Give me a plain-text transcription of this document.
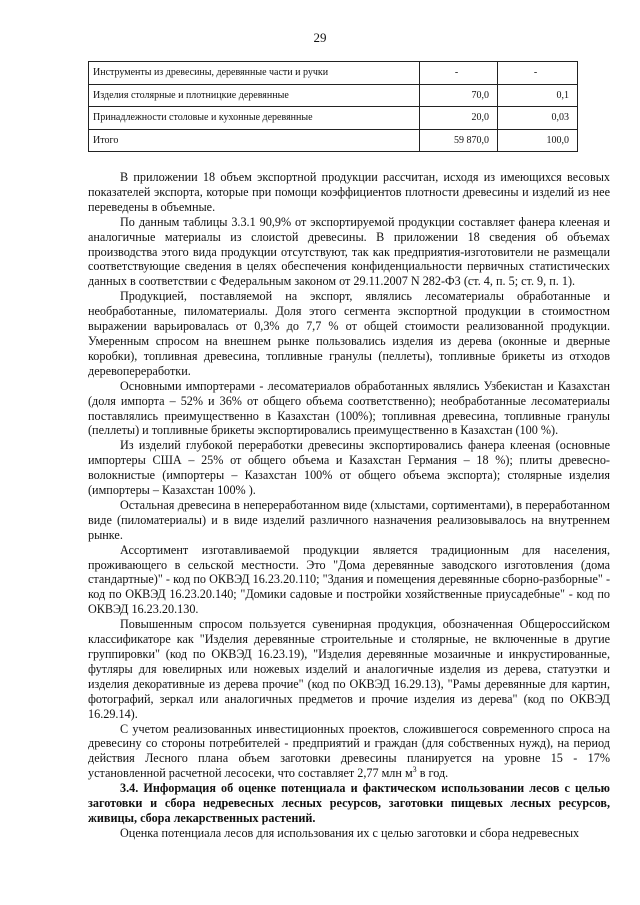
29
Инструменты из древесины, деревянные части и ручки	-	-
Изделия столярные и плотницкие деревянные	70,0	0,1
Принадлежности столовые и кухонные деревянные	20,0	0,03
Итого	59 870,0	100,0

В приложении 18 объем экспортной продукции рассчитан, исходя из имеющихся весовых показателей экспорта, которые при помощи коэффициентов плотности древесины и изделий из нее переведены в объемные.

По данным таблицы 3.3.1 90,9% от экспортируемой продукции составляет фанера клееная и аналогичные материалы из слоистой древесины. В приложении 18 сведения об объемах производства этого вида продукции отсутствуют, так как предприятия-изготовители не размещали соответствующие сведения в целях обеспечения конфиденциальности первичных статистических данных в соответствии с Федеральным законом от 29.11.2007 N 282-ФЗ (ст. 4, п. 5; ст. 9, п. 1).

Продукцией, поставляемой на экспорт, являлись лесоматериалы обработанные и необработанные, пиломатериалы. Доля этого сегмента экспортной продукции в стоимостном выражении варьировалась от 0,3% до 7,7 % от общей стоимости реализованной продукции. Умеренным спросом на внешнем рынке пользовались изделия из дерева (оконные и дверные коробки), топливная древесина, топливные гранулы (пеллеты), топливные брикеты из отходов деревопереработки.

Основными импортерами - лесоматериалов обработанных являлись Узбекистан и Казахстан (доля импорта – 52% и 36% от общего объема соответственно); необработанные лесоматериалы поставлялись преимущественно в Казахстан (100%); топливная древесина, топливные гранулы (пеллеты) и топливные брикеты экспортировались преимущественно в Казахстан (100 %).

Из изделий глубокой переработки древесины экспортировались фанера клееная (основные импортеры США – 25% от общего объема и Казахстан Германия – 18 %); плиты древесно-волокнистые (импортеры – Казахстан 100% от общего объема экспорта); столярные изделия (импортеры – Казахстан 100% ).

Остальная древесина в непереработанном виде (хлыстами, сортиментами), в переработанном виде (пиломатериалы) и в виде изделий различного назначения реализовывалось на внутреннем рынке.

Ассортимент изготавливаемой продукции является традиционным для населения, проживающего в сельской местности. Это "Дома деревянные заводского изготовления (дома стандартные)" - код по ОКВЭД 16.23.20.110; "Здания и помещения деревянные сборно-разборные" - код по ОКВЭД 16.23.20.140; "Домики садовые и постройки хозяйственные приусадебные" - код по ОКВЭД 16.23.20.130.

Повышенным спросом пользуется сувенирная продукция, обозначенная Общероссийском классификаторе как "Изделия деревянные строительные и столярные, не включенные в другие группировки" (код по ОКВЭД 16.23.19), "Изделия деревянные мозаичные и инкрустированные, футляры для ювелирных или ножевых изделий и аналогичные изделия из дерева, статуэтки и изделия декоративные из дерева прочие" (код по ОКВЭД 16.29.13), "Рамы деревянные для картин, фотографий, зеркал или аналогичных предметов и прочие изделия из дерева" (код по ОКВЭД 16.29.14).

С учетом реализованных инвестиционных проектов, сложившегося современного спроса на древесину со стороны потребителей - предприятий и граждан (для собственных нужд), на период действия Лесного плана объем заготовки древесины планируется на уровне 15 - 17% установленной расчетной лесосеки, что составляет 2,77 млн $м^3$ в год.

3.4. Информация об оценке потенциала и фактическом использовании лесов с целью заготовки и сбора недревесных лесных ресурсов, заготовки пищевых лесных ресурсов, живицы, сбора лекарственных растений.

Оценка потенциала лесов для использования их с целью заготовки и сбора недревесных
